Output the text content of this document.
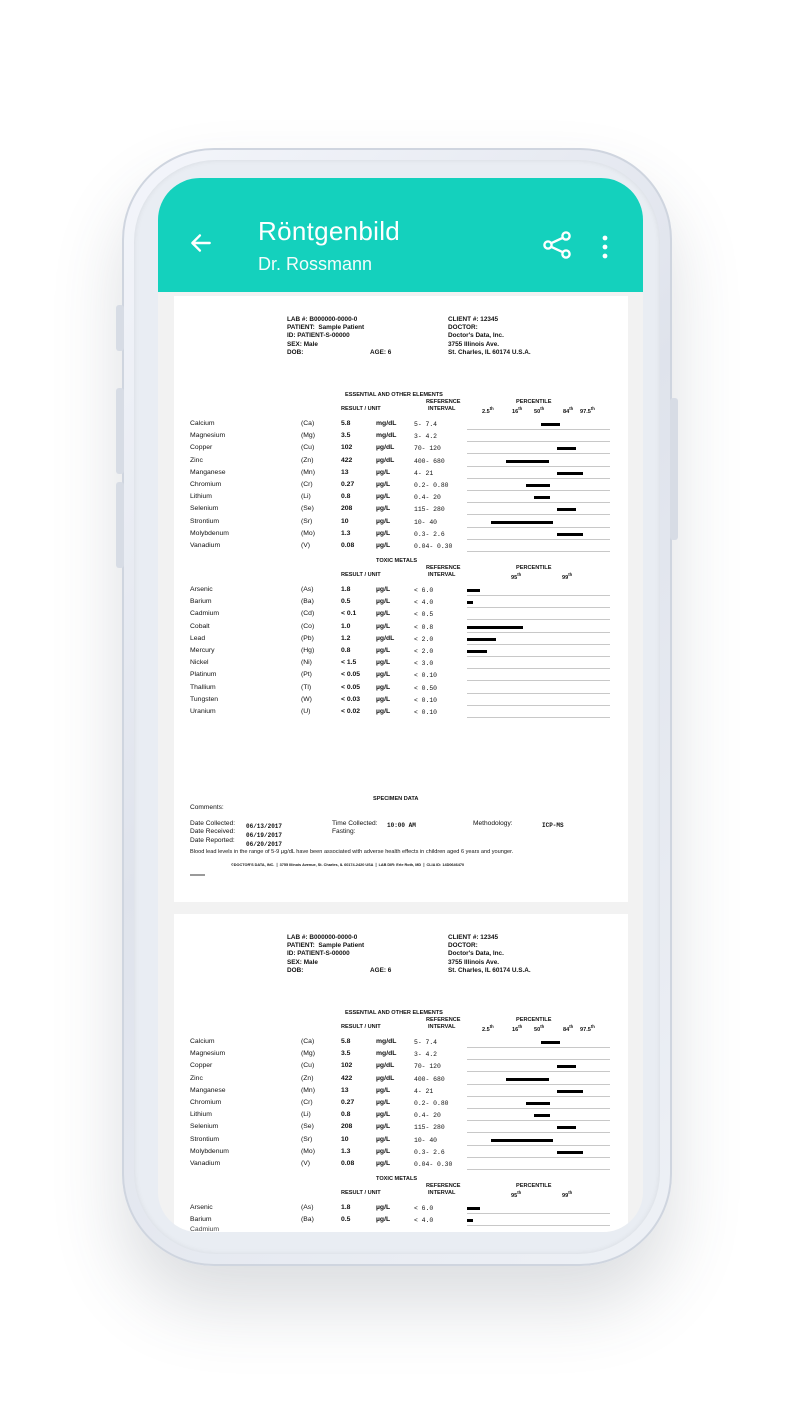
Röntgenbild
Dr. Rossmann
LAB #: B000000-0000-0
PATIENT:  Sample Patient
ID: PATIENT-S-00000
SEX: Male
DOB:	AGE: 6
CLIENT #: 12345
DOCTOR:
Doctor's Data, Inc.
3755 Illinois Ave.
St. Charles, IL 60174 U.S.A.
ESSENTIAL AND OTHER ELEMENTS
REFERENCE
INTERVAL
RESULT / UNIT
PERCENTILE
2.5th
16th
50th
84th
97.5th
Calcium	(Ca)	5.8	mg/dL	5- 7.4
Magnesium	(Mg)	3.5	mg/dL	3- 4.2
Copper	(Cu)	102	µg/dL	70- 120
Zinc	(Zn)	422	µg/dL	400- 680
Manganese	(Mn)	13	µg/L	4- 21
Chromium	(Cr)	0.27	µg/L	0.2- 0.80
Lithium	(Li)	0.8	µg/L	0.4- 20
Selenium	(Se)	208	µg/L	115- 280
Strontium	(Sr)	10	µg/L	10- 40
Molybdenum	(Mo)	1.3	µg/L	0.3- 2.6
Vanadium	(V)	0.08	µg/L	0.04- 0.30
TOXIC METALS
REFERENCE
INTERVAL
RESULT / UNIT
PERCENTILE
95th
99th
Arsenic	(As)	1.8	µg/L	< 6.0
Barium	(Ba)	0.5	µg/L	< 4.0
Cadmium	(Cd)	< 0.1	µg/L	< 0.5
Cobalt	(Co)	1.0	µg/L	< 0.8
Lead	(Pb)	1.2	µg/dL	< 2.0
Mercury	(Hg)	0.8	µg/L	< 2.0
Nickel	(Ni)	< 1.5	µg/L	< 3.0
Platinum	(Pt)	< 0.05 µg/L	< 0.10
Thallium	(Tl)	< 0.05 µg/L	< 0.50
Tungsten	(W)	< 0.03 µg/L	< 0.10
Uranium	(U)	< 0.02 µg/L	< 0.10
SPECIMEN DATA
Comments:
Date Collected: 06/13/2017
Date Received:
06/19/2017
Date Reported:
06/20/2017
Time Collected: 10:00 AM
Fasting:
Methodology:	ICP-MS
Blood lead levels in the range of 5-9 µg/dL have been associated with adverse health effects in children aged 6 years and younger.
©DOCTOR'S DATA, INC. ❘ 3755 Illinois Avenue, St. Charles, IL 60174-2420 USA ❘ LAB DIR: Erle Roth, MD ❘ CLIA ID: 14D0646470
LAB #: B000000-0000-0
PATIENT:  Sample Patient
ID: PATIENT-S-00000
SEX: Male
DOB:	AGE: 6
CLIENT #: 12345
DOCTOR:
Doctor's Data, Inc.
3755 Illinois Ave.
St. Charles, IL 60174 U.S.A.
ESSENTIAL AND OTHER ELEMENTS
REFERENCE
INTERVAL
RESULT / UNIT
PERCENTILE
2.5th
16th
50th
84th
97.5th
Calcium	(Ca)	5.8	mg/dL	5- 7.4
Magnesium	(Mg)	3.5	mg/dL	3- 4.2
Copper	(Cu)	102	µg/dL	70- 120
Zinc	(Zn)	422	µg/dL	400- 680
Manganese	(Mn)	13	µg/L	4- 21
Chromium	(Cr)	0.27	µg/L	0.2- 0.80
Lithium	(Li)	0.8	µg/L	0.4- 20
Selenium	(Se)	208	µg/L	115- 280
Strontium	(Sr)	10	µg/L	10- 40
Molybdenum	(Mo)	1.3	µg/L	0.3- 2.6
Vanadium	(V)	0.08	µg/L	0.04- 0.30
TOXIC METALS
REFERENCE
INTERVAL
RESULT / UNIT
PERCENTILE
95th
99th
Arsenic	(As)	1.8	µg/L	< 6.0
Barium	(Ba)	0.5	µg/L	< 4.0
Cadmium
